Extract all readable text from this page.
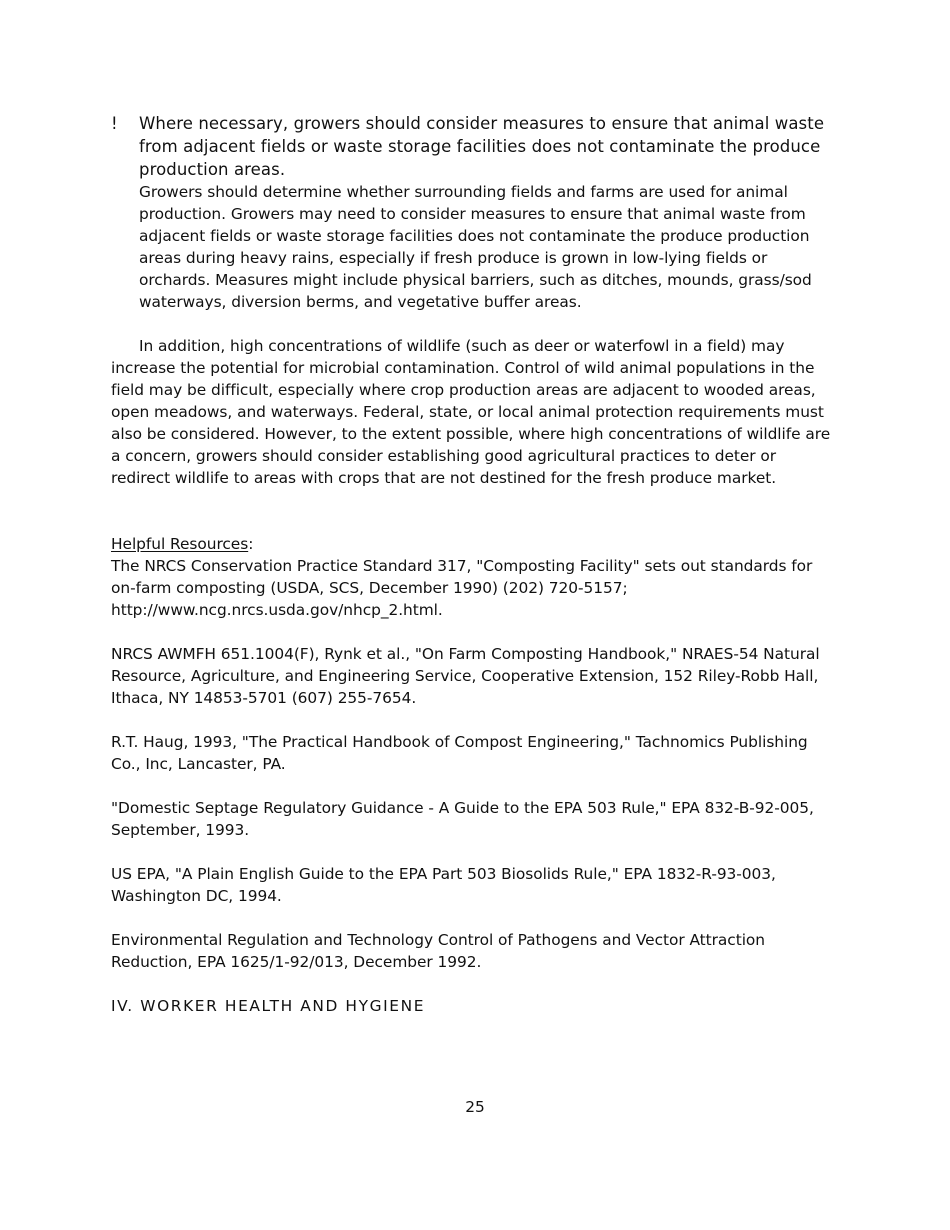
! Where necessary, growers should consider measures to ensure that animal waste from adjacent fields or waste storage facilities does not contaminate the produce production areas.

Growers should determine whether surrounding fields and farms are used for animal production. Growers may need to consider measures to ensure that animal waste from adjacent fields or waste storage facilities does not contaminate the produce production areas during heavy rains, especially if fresh produce is grown in low-lying fields or orchards. Measures might include physical barriers, such as ditches, mounds, grass/sod waterways, diversion berms, and vegetative buffer areas.

In addition, high concentrations of wildlife (such as deer or waterfowl in a field) may increase the potential for microbial contamination. Control of wild animal populations in the field may be difficult, especially where crop production areas are adjacent to wooded areas, open meadows, and waterways. Federal, state, or local animal protection requirements must also be considered. However, to the extent possible, where high concentrations of wildlife are a concern, growers should consider establishing good agricultural practices to deter or redirect wildlife to areas with crops that are not destined for the fresh produce market.

Helpful Resources:

The NRCS Conservation Practice Standard 317, "Composting Facility" sets out standards for on-farm composting (USDA, SCS, December 1990) (202) 720-5157; http://www.ncg.nrcs.usda.gov/nhcp_2.html.

NRCS AWMFH 651.1004(F), Rynk et al., "On Farm Composting Handbook," NRAES-54 Natural Resource, Agriculture, and Engineering Service, Cooperative Extension, 152 Riley-Robb Hall, Ithaca, NY 14853-5701 (607) 255-7654.

R.T. Haug, 1993, "The Practical Handbook of Compost Engineering," Tachnomics Publishing Co., Inc, Lancaster, PA.

"Domestic Septage Regulatory Guidance - A Guide to the EPA 503 Rule," EPA 832-B-92-005, September, 1993.

US EPA, "A Plain English Guide to the EPA Part 503 Biosolids Rule," EPA 1832-R-93-003, Washington DC, 1994.

Environmental Regulation and Technology Control of Pathogens and Vector Attraction Reduction, EPA 1625/1-92/013, December 1992.

IV. WORKER HEALTH AND HYGIENE
25
